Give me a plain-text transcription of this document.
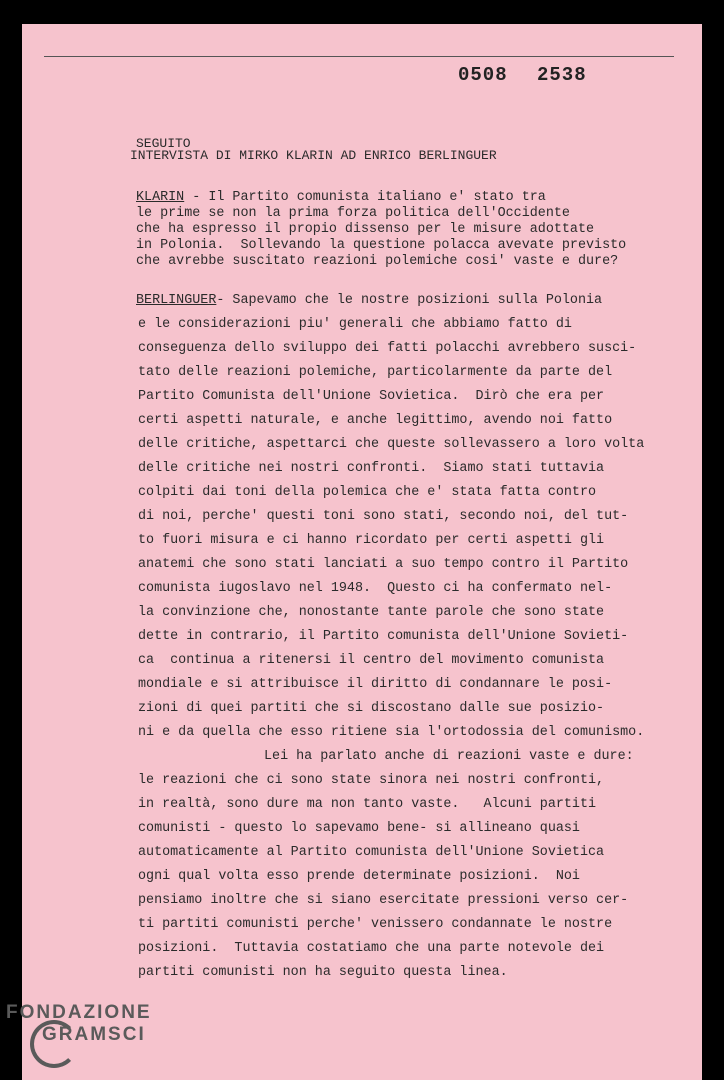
0508 2538
SEGUITO
INTERVISTA DI MIRKO KLARIN AD ENRICO BERLINGUER
KLARIN - Il Partito comunista italiano e' stato tra
le prime se non la prima forza politica dell'Occidente
che ha espresso il propio dissenso per le misure adottate
in Polonia.  Sollevando la questione polacca avevate previsto
che avrebbe suscitato reazioni polemiche cosi' vaste e dure?
BERLINGUER- Sapevamo che le nostre posizioni sulla Polonia
e le considerazioni piu' generali che abbiamo fatto di
conseguenza dello sviluppo dei fatti polacchi avrebbero susci-
tato delle reazioni polemiche, particolarmente da parte del
Partito Comunista dell'Unione Sovietica.  Dirò che era per
certi aspetti naturale, e anche legittimo, avendo noi fatto
delle critiche, aspettarci che queste sollevassero a loro volta
delle critiche nei nostri confronti.  Siamo stati tuttavia
colpiti dai toni della polemica che e' stata fatta contro
di noi, perche' questi toni sono stati, secondo noi, del tut-
to fuori misura e ci hanno ricordato per certi aspetti gli
anatemi che sono stati lanciati a suo tempo contro il Partito
comunista iugoslavo nel 1948.  Questo ci ha confermato nel-
la convinzione che, nonostante tante parole che sono state
dette in contrario, il Partito comunista dell'Unione Sovieti-
ca  continua a ritenersi il centro del movimento comunista
mondiale e si attribuisce il diritto di condannare le posi-
zioni di quei partiti che si discostano dalle sue posizio-
ni e da quella che esso ritiene sia l'ortodossia del comunismo.
Lei ha parlato anche di reazioni vaste e dure:
le reazioni che ci sono state sinora nei nostri confronti,
in realtà, sono dure ma non tanto vaste.   Alcuni partiti
comunisti - questo lo sapevamo bene- si allineano quasi
automaticamente al Partito comunista dell'Unione Sovietica
ogni qual volta esso prende determinate posizioni.  Noi
pensiamo inoltre che si siano esercitate pressioni verso cer-
ti partiti comunisti perche' venissero condannate le nostre
posizioni.  Tuttavia costatiamo che una parte notevole dei
partiti comunisti non ha seguito questa linea.
FONDAZIONE
GRAMSCI
